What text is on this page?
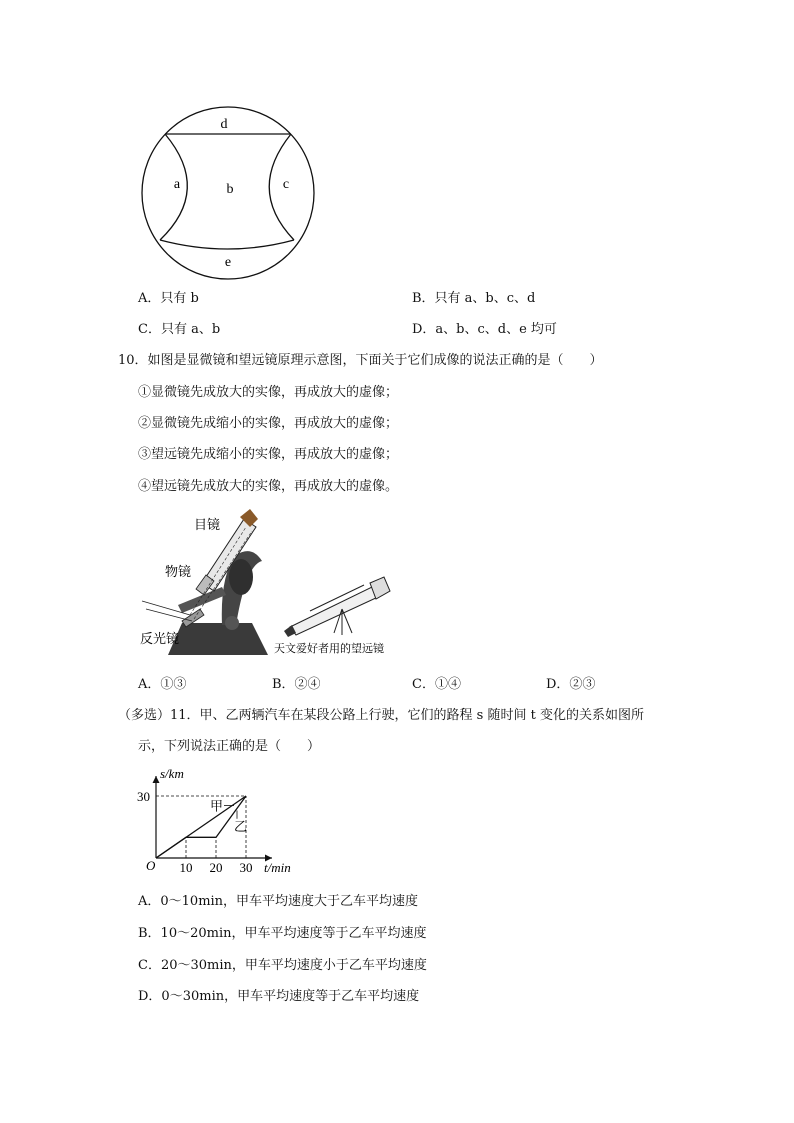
d
a	b	c
e
A．只有 b	B．只有 a、b、c、d
C．只有 a、b	D．a、b、c、d、e 均可
10．如图是显微镜和望远镜原理示意图，下面关于它们成像的说法正确的是（　　）
①显微镜先成放大的实像，再成放大的虚像；
②显微镜先成缩小的实像，再成放大的虚像；
③望远镜先成缩小的实像，再成放大的虚像；
④望远镜先成放大的实像，再成放大的虚像。
目镜
物镜
反光镜
天文爱好者用的望远镜
A．①③	B．②④	C．①④	D．②③
（多选）11．甲、乙两辆汽车在某段公路上行驶，它们的路程 s 随时间 t 变化的关系如图所
示，下列说法正确的是（　　）
s/km
t/min
O
30
10 20 30
甲
乙
A．0～10min，甲车平均速度大于乙车平均速度
B．10～20min，甲车平均速度等于乙车平均速度
C．20～30min，甲车平均速度小于乙车平均速度
D．0～30min，甲车平均速度等于乙车平均速度
